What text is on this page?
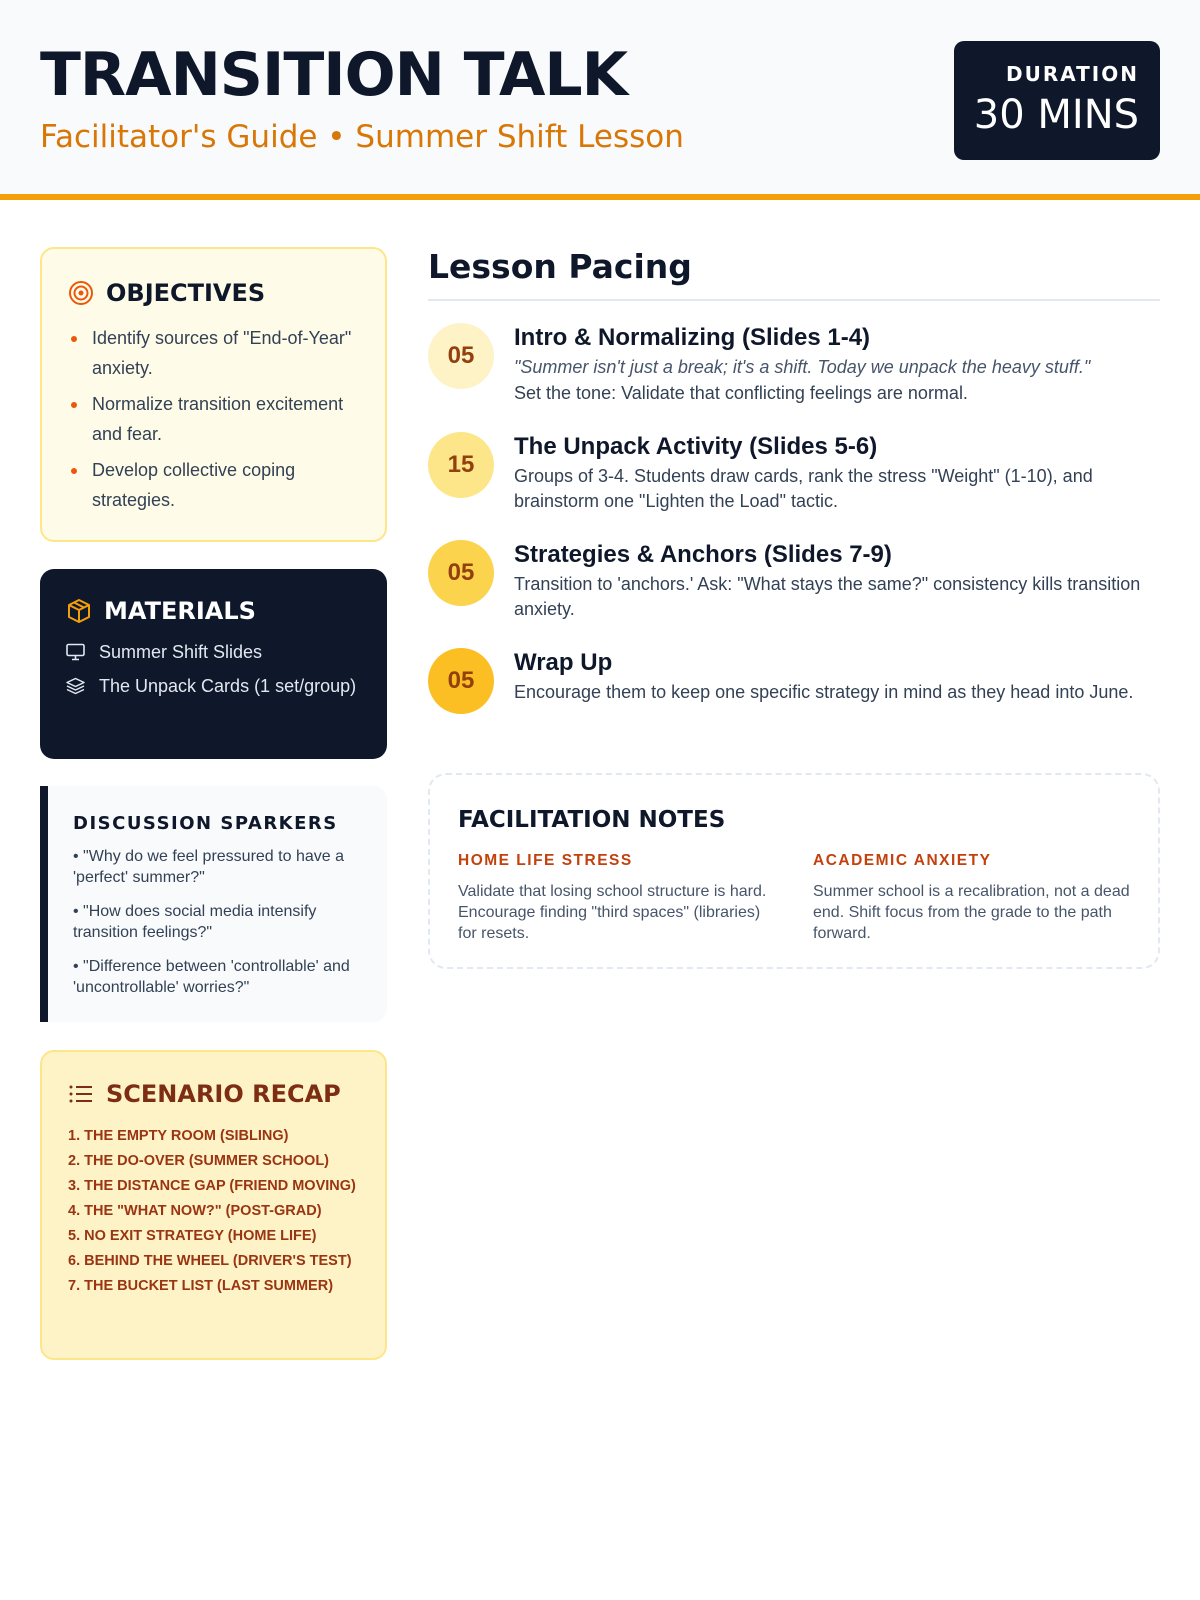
TRANSITION TALK
Facilitator's Guide • Summer Shift Lesson
DURATION
30 MINS
OBJECTIVES
Identify sources of "End-of-Year" anxiety.
Normalize transition excitement and fear.
Develop collective coping strategies.
MATERIALS
Summer Shift Slides
The Unpack Cards (1 set/group)
DISCUSSION SPARKERS
• "Why do we feel pressured to have a 'perfect' summer?"
• "How does social media intensify transition feelings?"
• "Difference between 'controllable' and 'uncontrollable' worries?"
SCENARIO RECAP
1. THE EMPTY ROOM (SIBLING)
2. THE DO-OVER (SUMMER SCHOOL)
3. THE DISTANCE GAP (FRIEND MOVING)
4. THE "WHAT NOW?" (POST-GRAD)
5. NO EXIT STRATEGY (HOME LIFE)
6. BEHIND THE WHEEL (DRIVER'S TEST)
7. THE BUCKET LIST (LAST SUMMER)
Lesson Pacing
05
Intro & Normalizing (Slides 1-4)
"Summer isn't just a break; it's a shift. Today we unpack the heavy stuff."
Set the tone: Validate that conflicting feelings are normal.
15
The Unpack Activity (Slides 5-6)
Groups of 3-4. Students draw cards, rank the stress "Weight" (1-10), and brainstorm one "Lighten the Load" tactic.
05
Strategies & Anchors (Slides 7-9)
Transition to 'anchors.' Ask: "What stays the same?" consistency kills transition anxiety.
05
Wrap Up
Encourage them to keep one specific strategy in mind as they head into June.
FACILITATION NOTES
HOME LIFE STRESS
Validate that losing school structure is hard. Encourage finding "third spaces" (libraries) for resets.
ACADEMIC ANXIETY
Summer school is a recalibration, not a dead end. Shift focus from the grade to the path forward.
